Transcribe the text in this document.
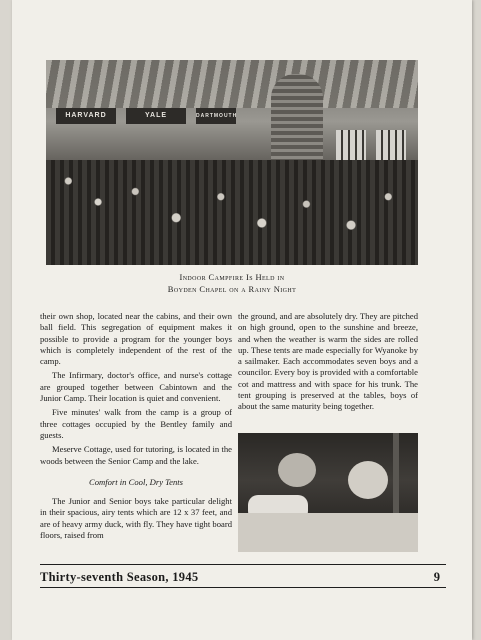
HARVARD	YALE	DARTMOUTH
Indoor Campfire Is Held in
Boyden Chapel on a Rainy Night

their own shop, located near the cabins, and their own ball field. This segregation of equipment makes it possible to provide a program for the younger boys which is completely independent of the rest of the camp.

The Infirmary, doctor's office, and nurse's cottage are grouped together between Cabintown and the Junior Camp. Their location is quiet and convenient.

Five minutes' walk from the camp is a group of three cottages occupied by the Bentley family and guests.

Meserve Cottage, used for tutoring, is located in the woods between the Senior Camp and the lake.

Comfort in Cool, Dry Tents

The Junior and Senior boys take particular delight in their spacious, airy tents which are 12 x 37 feet, and are of heavy army duck, with fly. They have tight board floors, raised from

the ground, and are absolutely dry. They are pitched on high ground, open to the sunshine and breeze, and when the weather is warm the sides are rolled up. These tents are made especially for Wyanoke by a sailmaker. Each accommodates seven boys and a councilor. Every boy is provided with a comfortable cot and mattress and with space for his trunk. The tent grouping is preserved at the tables, boys of about the same maturity being together.

Thirty-seventh Season, 1945	9
